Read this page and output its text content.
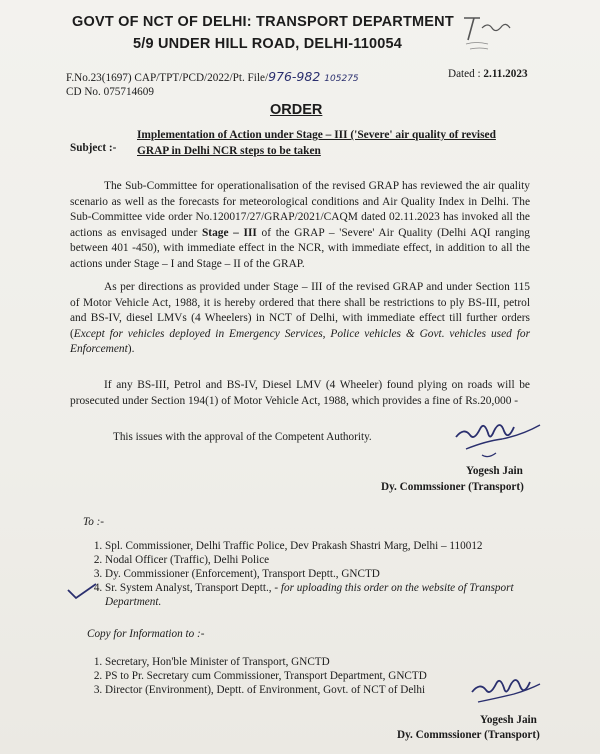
GOVT OF NCT OF DELHI: TRANSPORT DEPARTMENT
5/9 UNDER HILL ROAD, DELHI-110054
F.No.23(1697) CAP/TPT/PCD/2022/Pt. File/976-982 105275	Dated : 2.11.2023
CD No. 075714609
ORDER
Subject :-
Implementation of Action under Stage – III ('Severe' air quality of revised GRAP in Delhi NCR steps to be taken
The Sub-Committee for operationalisation of the revised GRAP has reviewed the air quality scenario as well as the forecasts for meteorological conditions and Air Quality Index in Delhi. The Sub-Committee vide order No.120017/27/GRAP/2021/CAQM dated 02.11.2023 has invoked all the actions as envisaged under Stage – III of the GRAP – 'Severe' Air Quality (Delhi AQI ranging between 401 -450), with immediate effect in the NCR, with immediate effect, in addition to all the actions under Stage – I and Stage – II of the GRAP.
As per directions as provided under Stage – III of the revised GRAP and under Section 115 of Motor Vehicle Act, 1988, it is hereby ordered that there shall be restrictions to ply BS-III, petrol and BS-IV, diesel LMVs (4 Wheelers) in NCT of Delhi, with immediate effect till further orders (Except for vehicles deployed in Emergency Services, Police vehicles & Govt. vehicles used for Enforcement).
If any BS-III, Petrol and BS-IV, Diesel LMV (4 Wheeler) found plying on roads will be prosecuted under Section 194(1) of Motor Vehicle Act, 1988, which provides a fine of Rs.20,000 -
This issues with the approval of the Competent Authority.
Yogesh Jain
Dy. Commssioner (Transport)
To :-
1. Spl. Commissioner, Delhi Traffic Police, Dev Prakash Shastri Marg, Delhi – 110012
2. Nodal Officer (Traffic), Delhi Police
3. Dy. Commissioner (Enforcement), Transport Deptt., GNCTD
4. Sr. System Analyst, Transport Deptt., - for uploading this order on the website of Transport Department.
Copy for Information to :-
1. Secretary, Hon'ble Minister of Transport, GNCTD
2. PS to Pr. Secretary cum Commissioner, Transport Department, GNCTD
3. Director (Environment), Deptt. of Environment, Govt. of NCT of Delhi
Yogesh Jain
Dy. Commssioner (Transport)
